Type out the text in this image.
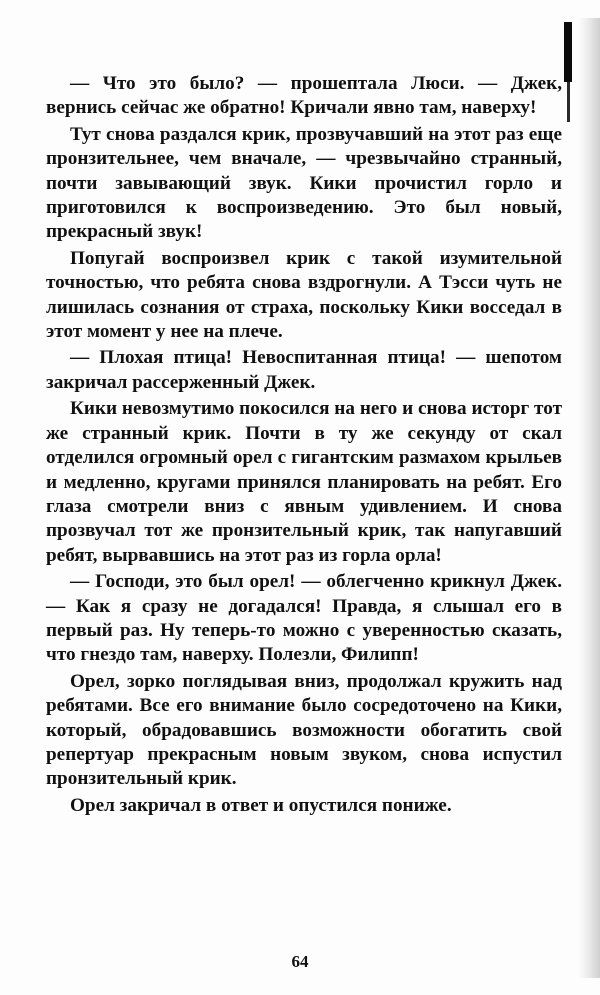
— Что это было? — прошептала Люси. — Джек, вернись сейчас же обратно! Кричали явно там, наверху!

Тут снова раздался крик, прозвучавший на этот раз еще пронзительнее, чем вначале, — чрезвычайно странный, почти завывающий звук. Кики прочистил горло и приготовился к воспроизведению. Это был новый, прекрасный звук!

Попугай воспроизвел крик с такой изумительной точностью, что ребята снова вздрогнули. А Тэсси чуть не лишилась сознания от страха, поскольку Кики восседал в этот момент у нее на плече.

— Плохая птица! Невоспитанная птица! — шепотом закричал рассерженный Джек.

Кики невозмутимо покосился на него и снова исторг тот же странный крик. Почти в ту же секунду от скал отделился огромный орел с гигантским размахом крыльев и медленно, кругами принялся планировать на ребят. Его глаза смотрели вниз с явным удивлением. И снова прозвучал тот же пронзительный крик, так напугавший ребят, вырвавшись на этот раз из горла орла!

— Господи, это был орел! — облегченно крикнул Джек. — Как я сразу не догадался! Правда, я слышал его в первый раз. Ну теперь-то можно с уверенностью сказать, что гнездо там, наверху. Полезли, Филипп!

Орел, зорко поглядывая вниз, продолжал кружить над ребятами. Все его внимание было сосредоточено на Кики, который, обрадовавшись возможности обогатить свой репертуар прекрасным новым звуком, снова испустил пронзительный крик.

Орел закричал в ответ и опустился пониже.

64
